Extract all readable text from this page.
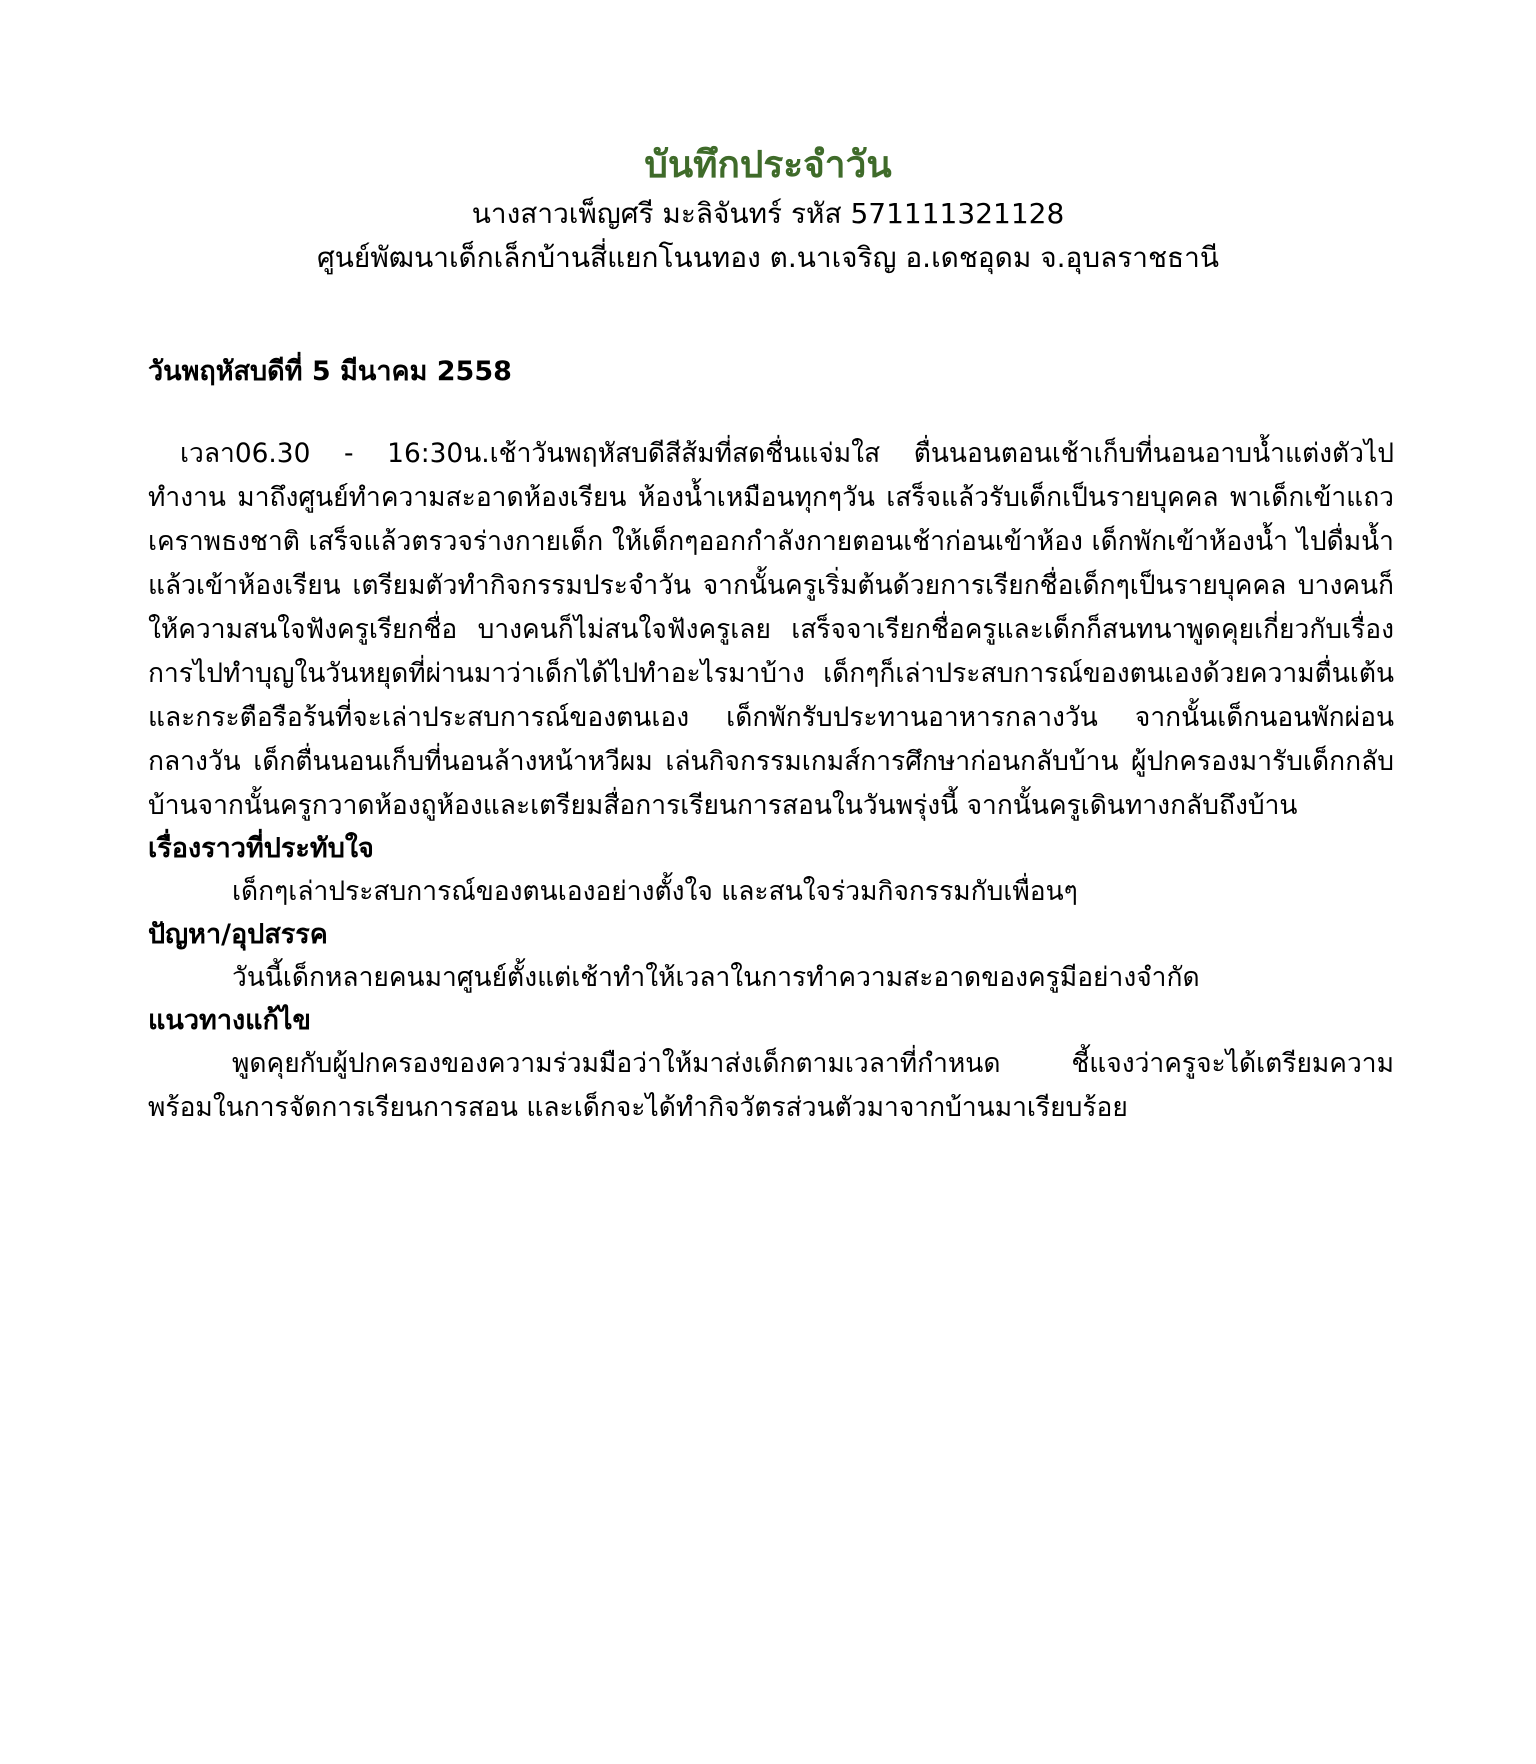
บันทึกประจำวัน

นางสาวเพ็ญศรี มะลิจันทร์ รหัส 571111321128

ศูนย์พัฒนาเด็กเล็กบ้านสี่แยกโนนทอง ต.นาเจริญ อ.เดชอุดม จ.อุบลราชธานี

วันพฤหัสบดีที่ 5 มีนาคม 2558

เวลา06.30 - 16:30น.เช้าวันพฤหัสบดีสีส้มที่สดชื่นแจ่มใส ตื่นนอนตอนเช้าเก็บที่นอนอาบน้ำแต่งตัวไปทำงาน มาถึงศูนย์ทำความสะอาดห้องเรียน ห้องน้ำเหมือนทุกๆวัน เสร็จแล้วรับเด็กเป็นรายบุคคล พาเด็กเข้าแถวเคราพธงชาติ เสร็จแล้วตรวจร่างกายเด็ก ให้เด็กๆออกกำลังกายตอนเช้าก่อนเข้าห้อง เด็กพักเข้าห้องน้ำ ไปดื่มน้ำ แล้วเข้าห้องเรียน เตรียมตัวทำกิจกรรมประจำวัน จากนั้นครูเริ่มต้นด้วยการเรียกชื่อเด็กๆเป็นรายบุคคล บางคนก็ให้ความสนใจฟังครูเรียกชื่อ บางคนก็ไม่สนใจฟังครูเลย เสร็จจาเรียกชื่อครูและเด็กก็สนทนาพูดคุยเกี่ยวกับเรื่องการไปทำบุญในวันหยุดที่ผ่านมาว่าเด็กได้ไปทำอะไรมาบ้าง เด็กๆก็เล่าประสบการณ์ของตนเองด้วยความตื่นเต้น และกระตือรือร้นที่จะเล่าประสบการณ์ของตนเอง เด็กพักรับประทานอาหารกลางวัน จากนั้นเด็กนอนพักผ่อนกลางวัน เด็กตื่นนอนเก็บที่นอนล้างหน้าหวีผม เล่นกิจกรรมเกมส์การศึกษาก่อนกลับบ้าน ผู้ปกครองมารับเด็กกลับบ้านจากนั้นครูกวาดห้องถูห้องและเตรียมสื่อการเรียนการสอนในวันพรุ่งนี้ จากนั้นครูเดินทางกลับถึงบ้าน

เรื่องราวที่ประทับใจ

เด็กๆเล่าประสบการณ์ของตนเองอย่างตั้งใจ และสนใจร่วมกิจกรรมกับเพื่อนๆ

ปัญหา/อุปสรรค

วันนี้เด็กหลายคนมาศูนย์ตั้งแต่เช้าทำให้เวลาในการทำความสะอาดของครูมีอย่างจำกัด

แนวทางแก้ไข

พูดคุยกับผู้ปกครองของความร่วมมือว่าให้มาส่งเด็กตามเวลาที่กำหนด ชี้แจงว่าครูจะได้เตรียมความพร้อมในการจัดการเรียนการสอน และเด็กจะได้ทำกิจวัตรส่วนตัวมาจากบ้านมาเรียบร้อย
